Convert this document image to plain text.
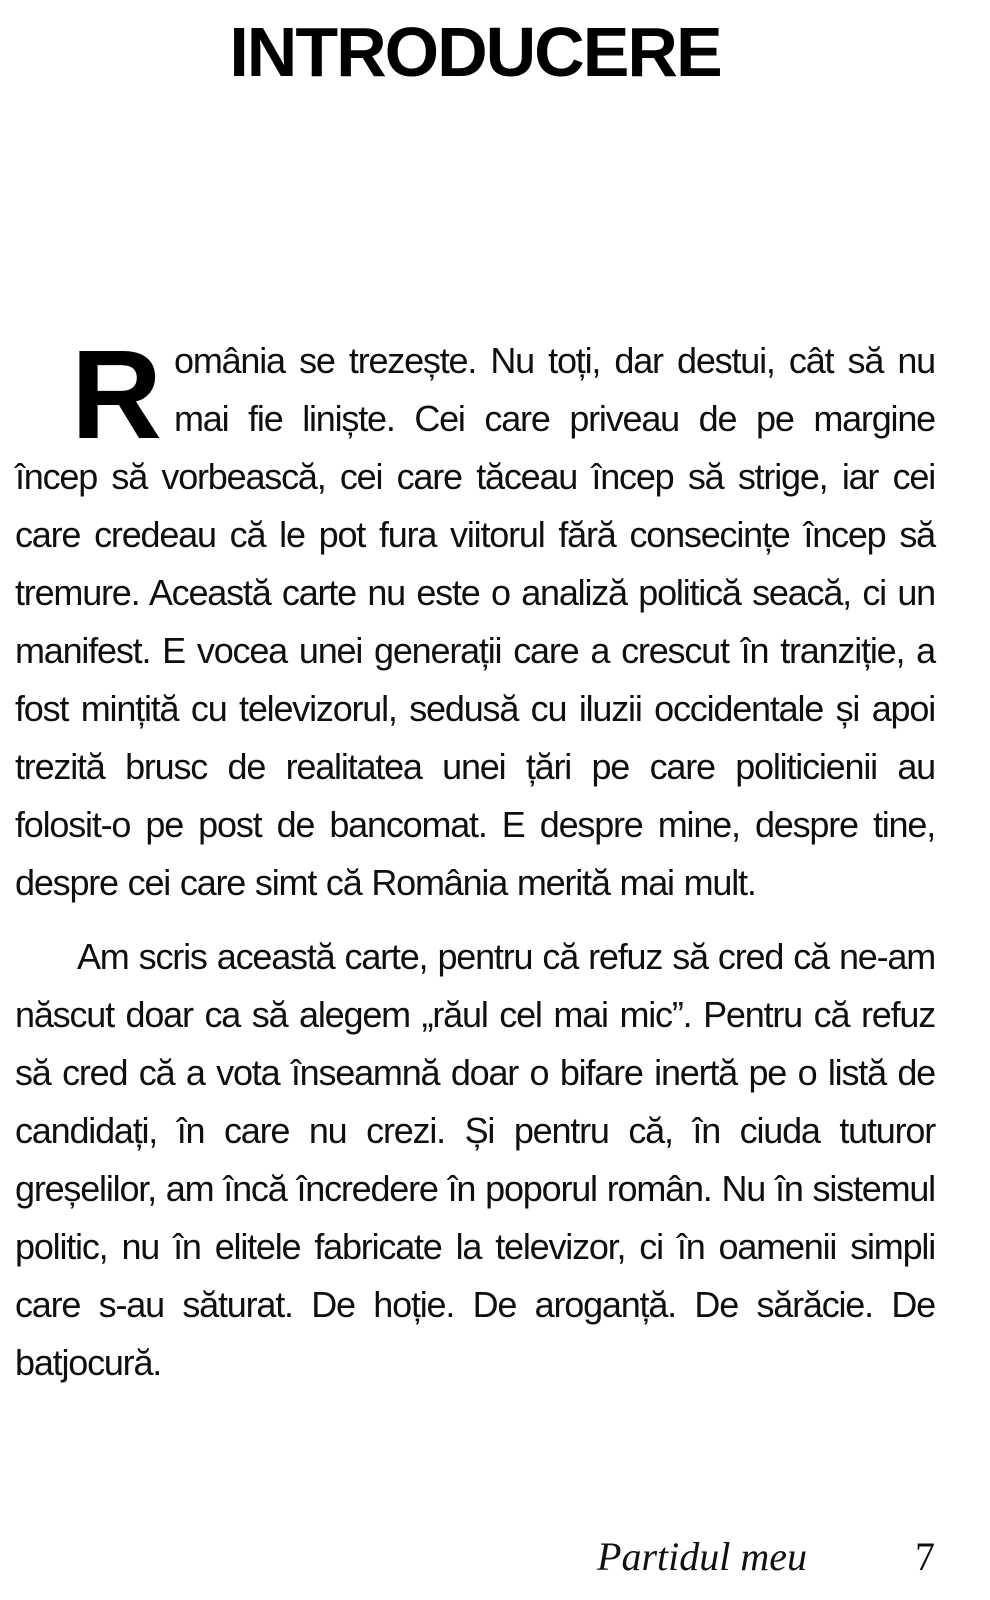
INTRODUCERE

România se trezește. Nu toți, dar destui, cât să nu mai fie liniște. Cei care priveau de pe margine încep să vorbească, cei care tăceau încep să strige, iar cei care credeau că le pot fura viitorul fără consecințe încep să tremure. Această carte nu este o analiză politică seacă, ci un manifest. E vocea unei generații care a crescut în tranziție, a fost mințită cu televizorul, sedusă cu iluzii occidentale și apoi trezită brusc de realitatea unei țări pe care politicienii au folosit-o pe post de bancomat. E despre mine, despre tine, despre cei care simt că România merită mai mult.

Am scris această carte, pentru că refuz să cred că ne-am născut doar ca să alegem „răul cel mai mic”. Pentru că refuz să cred că a vota înseamnă doar o bifare inertă pe o listă de candidați, în care nu crezi. Și pentru că, în ciuda tuturor greșelilor, am încă încredere în poporul român. Nu în sistemul politic, nu în elitele fabricate la televizor, ci în oamenii simpli care s-au săturat. De hoție. De aroganță. De sărăcie. De batjocură.

Partidul meu	7
